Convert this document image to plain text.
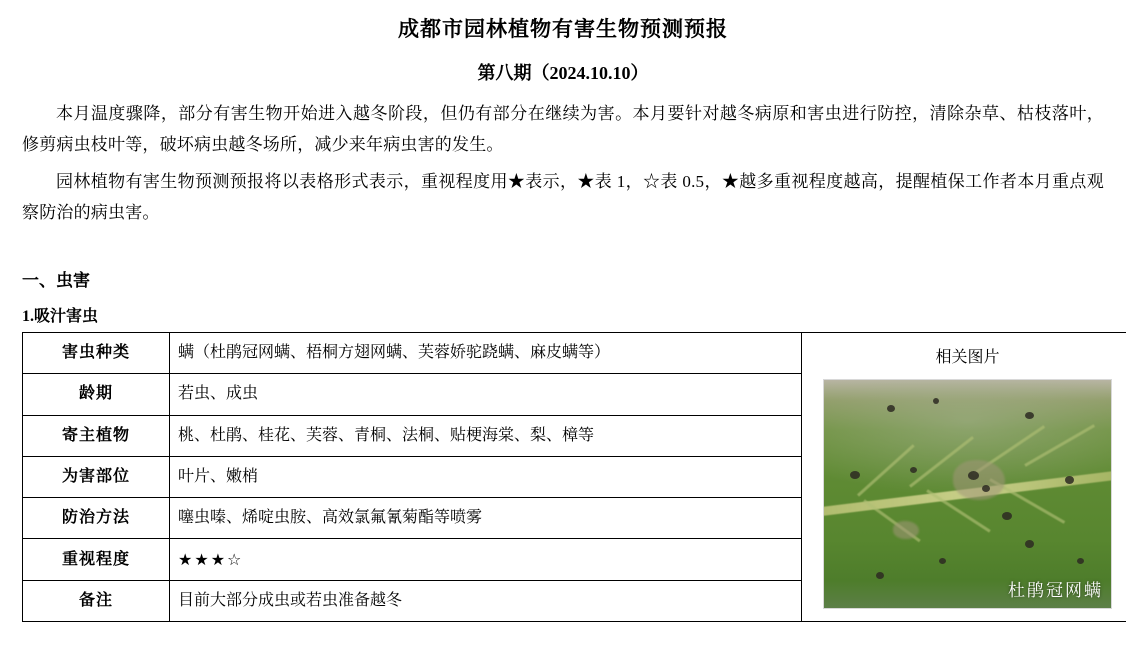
成都市园林植物有害生物预测预报
第八期（2024.10.10）

本月温度骤降，部分有害生物开始进入越冬阶段，但仍有部分在继续为害。本月要针对越冬病原和害虫进行防控，清除杂草、枯枝落叶，修剪病虫枝叶等，破坏病虫越冬场所，减少来年病虫害的发生。

园林植物有害生物预测预报将以表格形式表示，重视程度用★表示，★表 1，☆表 0.5，★越多重视程度越高，提醒植保工作者本月重点观察防治的病虫害。

一、虫害
1.吸汁害虫
害虫种类	螨（杜鹃冠网螨、梧桐方翅网螨、芙蓉娇驼跷螨、麻皮螨等）	相关图片
杜鹃冠网螨

龄期	若虫、成虫	
寄主植物	桃、杜鹃、桂花、芙蓉、青桐、法桐、贴梗海棠、梨、樟等	
为害部位	叶片、嫩梢	
防治方法	噻虫嗪、烯啶虫胺、高效氯氟氰菊酯等喷雾	
重视程度	★★★☆	
备注	目前大部分成虫或若虫准备越冬	
